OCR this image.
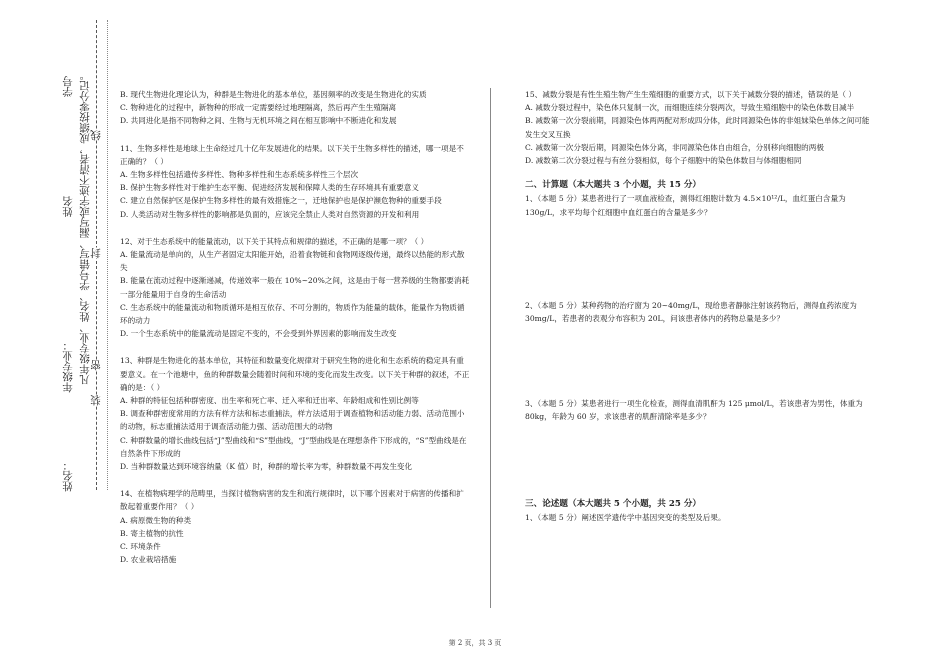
学号
姓名
年级专业：
姓名：
凡年级专业、姓名、学号错写、漏写或字迹不清者，成绩按零分记。 密
封
线
装

B. 现代生物进化理论认为，种群是生物进化的基本单位，基因频率的改变是生物进化的实质

C. 物种进化的过程中，新物种的形成一定需要经过地理隔离，然后再产生生殖隔离

D. 共同进化是指不同物种之间、生物与无机环境之间在相互影响中不断进化和发展

11、生物多样性是地球上生命经过几十亿年发展进化的结果。以下关于生物多样性的描述，哪一项是不正确的？（ ）

A. 生物多样性包括遗传多样性、物种多样性和生态系统多样性三个层次

B. 保护生物多样性对于维护生态平衡、促进经济发展和保障人类的生存环境具有重要意义

C. 建立自然保护区是保护生物多样性的最有效措施之一，迁地保护也是保护濒危物种的重要手段

D. 人类活动对生物多样性的影响都是负面的，应该完全禁止人类对自然资源的开发和利用

12、对于生态系统中的能量流动，以下关于其特点和规律的描述，不正确的是哪一项？（ ）

A. 能量流动是单向的，从生产者固定太阳能开始，沿着食物链和食物网逐级传递，最终以热能的形式散失

B. 能量在流动过程中逐渐递减，传递效率一般在 10%~20%之间，这是由于每一营养级的生物都要消耗一部分能量用于自身的生命活动

C. 生态系统中的能量流动和物质循环是相互依存、不可分割的，物质作为能量的载体，能量作为物质循环的动力

D. 一个生态系统中的能量流动是固定不变的，不会受到外界因素的影响而发生改变

13、种群是生物进化的基本单位，其特征和数量变化规律对于研究生物的进化和生态系统的稳定具有重要意义。在一个池塘中，鱼的种群数量会随着时间和环境的变化而发生改变。以下关于种群的叙述，不正确的是：（ ）

A. 种群的特征包括种群密度、出生率和死亡率、迁入率和迁出率、年龄组成和性别比例等

B. 调查种群密度常用的方法有样方法和标志重捕法，样方法适用于调查植物和活动能力弱、活动范围小的动物，标志重捕法适用于调查活动能力强、活动范围大的动物

C. 种群数量的增长曲线包括“J”型曲线和“S”型曲线，“J”型曲线是在理想条件下形成的，“S”型曲线是在自然条件下形成的

D. 当种群数量达到环境容纳量（K 值）时，种群的增长率为零，种群数量不再发生变化

14、在植物病理学的范畴里，当探讨植物病害的发生和流行规律时，以下哪个因素对于病害的传播和扩散起着重要作用？（ ）

A. 病原微生物的种类

B. 寄主植物的抗性

C. 环境条件

D. 农业栽培措施

15、减数分裂是有性生殖生物产生生殖细胞的重要方式，以下关于减数分裂的描述，错误的是（ ）

A. 减数分裂过程中，染色体只复制一次，而细胞连续分裂两次，导致生殖细胞中的染色体数目减半

B. 减数第一次分裂前期，同源染色体两两配对形成四分体，此时同源染色体的非姐妹染色单体之间可能发生交叉互换

C. 减数第一次分裂后期，同源染色体分离，非同源染色体自由组合，分别移向细胞的两极

D. 减数第二次分裂过程与有丝分裂相似，每个子细胞中的染色体数目与体细胞相同

二、计算题（本大题共 3 个小题，共 15 分）

1、（本题 5 分）某患者进行了一项血液检查，测得红细胞计数为 4.5×10¹²/L，血红蛋白含量为 130g/L，求平均每个红细胞中血红蛋白的含量是多少？

2、（本题 5 分）某种药物的治疗窗为 20~40mg/L，现给患者静脉注射该药物后，测得血药浓度为 30mg/L，若患者的表观分布容积为 20L，问该患者体内的药物总量是多少？

3、（本题 5 分）某患者进行一项生化检查，测得血清肌酐为 125 μmol/L，若该患者为男性，体重为 80kg，年龄为 60 岁，求该患者的肌酐清除率是多少？

三、论述题（本大题共 5 个小题，共 25 分）

1、（本题 5 分）阐述医学遗传学中基因突变的类型及后果。

第 2 页，共 3 页
